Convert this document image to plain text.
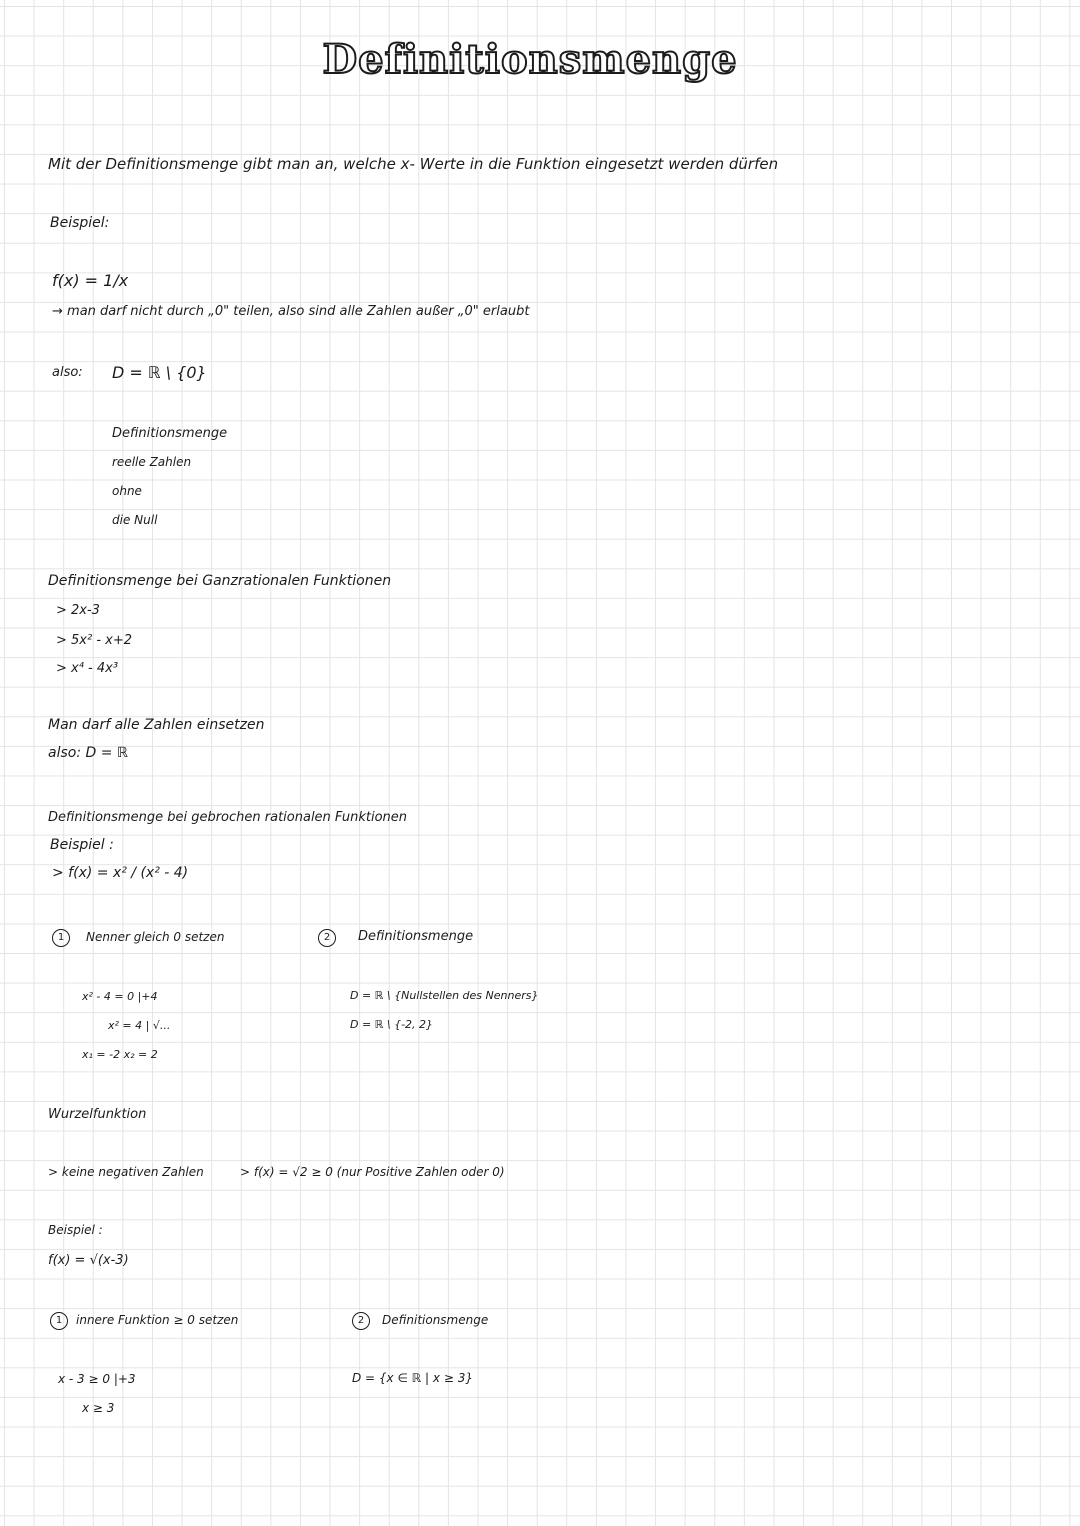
Definitionsmenge
Mit der Definitionsmenge gibt man an, welche x- Werte in die Funktion eingesetzt werden dürfen
Beispiel:
f(x) = 1/x
→ man darf nicht durch „0" teilen, also sind alle Zahlen außer „0" erlaubt
also: D = ℝ \ {0}
Definitionsmenge
reelle Zahlen
ohne
die Null
Definitionsmenge bei Ganzrationalen Funktionen
> 2x-3
> 5x² - x+2
> x⁴ - 4x³
Man darf alle Zahlen einsetzen
also: D = ℝ
Definitionsmenge bei gebrochen rationalen Funktionen
Beispiel :
> f(x) = x² / (x² - 4)
1	Nenner gleich 0 setzen	2	Definitionsmenge
x² - 4 = 0 |+4
x² = 4 | √...
x₁ = -2 x₂ = 2
D = ℝ \ {Nullstellen des Nenners}
D = ℝ \ {-2, 2}
Wurzelfunktion
> keine negativen Zahlen	> f(x) = √2 ≥ 0 (nur Positive Zahlen oder 0)
Beispiel :
f(x) = √(x-3)
1	innere Funktion ≥ 0 setzen	2	Definitionsmenge
x - 3 ≥ 0 |+3
x ≥ 3
D = {x ∈ ℝ | x ≥ 3}
